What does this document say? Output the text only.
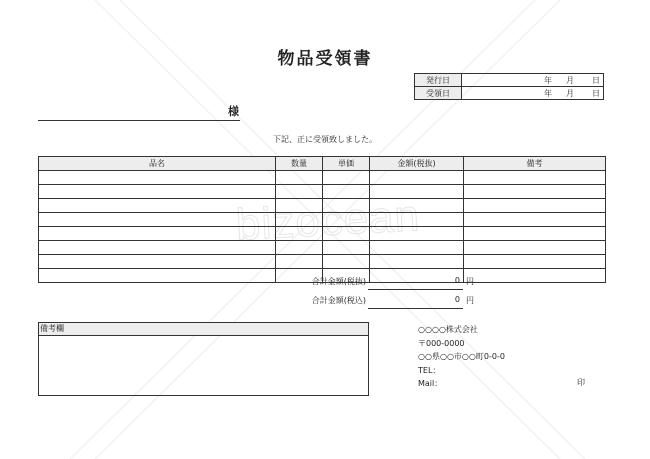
bizocean
物品受領書
発行日	年 月 日

受領日	年 月 日
様
下記、正に受領致しました。
品名	数量	単価	金額(税抜)	備考

合計金額(税抜)	0 円
合計金額(税込)	0 円
備考欄	○○○○株式会社
〒000-0000
○○県○○市○○町0-0-0
TEL：
Mail：	印
